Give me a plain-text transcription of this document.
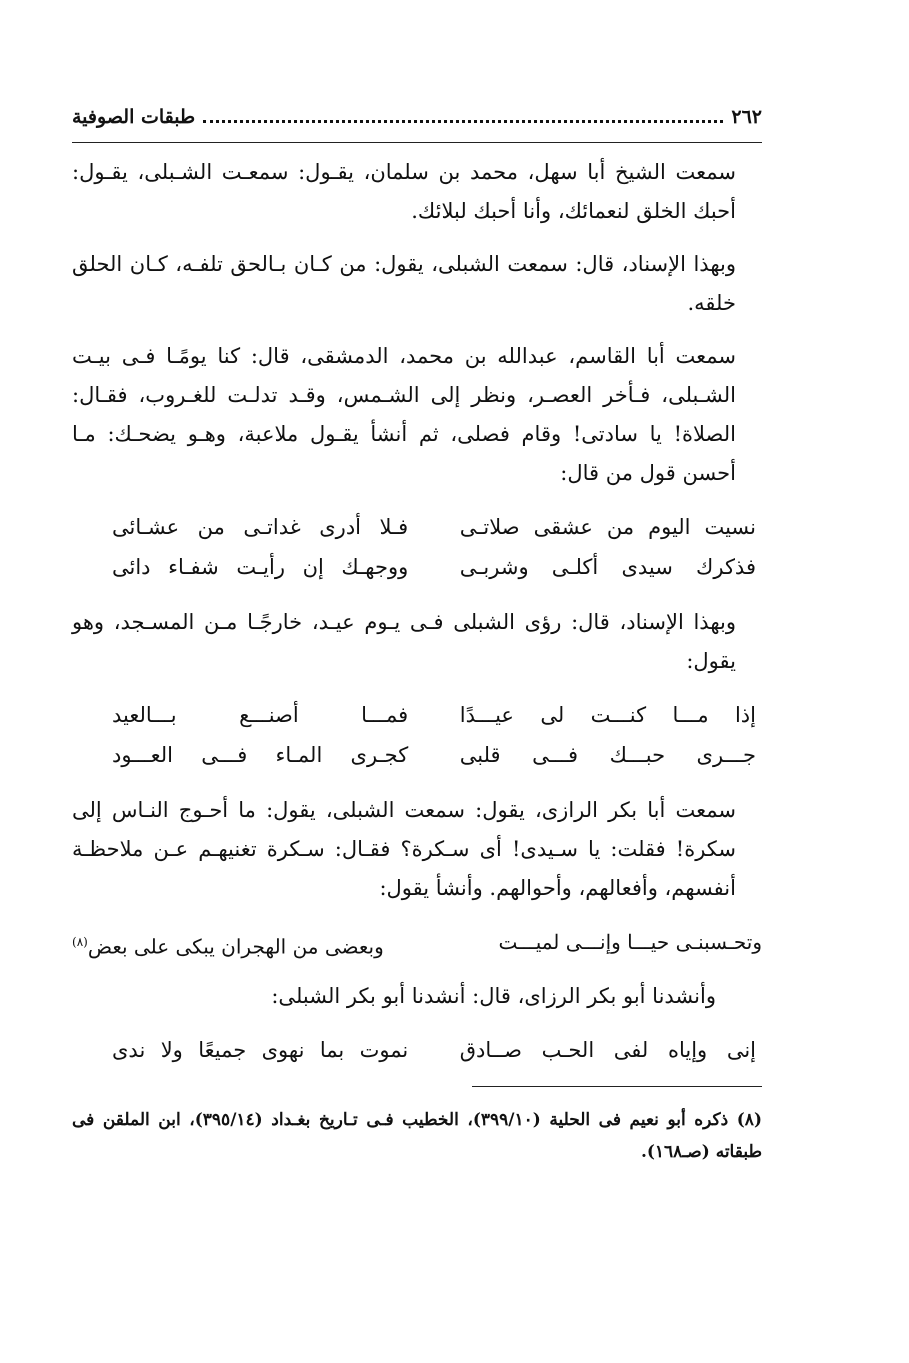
٢٦٢
طبقات الصوفية

سمعت الشيخ أبا سهل، محمد بن سلمان، يقـول: سمعـت الشـبلى، يقـول: أحبك الخلق لنعمائك، وأنا أحبك لبلائك.

وبهذا الإسناد، قال: سمعت الشبلى، يقول: من كـان بـالحق تلفـه، كـان الحلق خلقه.

سمعت أبا القاسم، عبدالله بن محمد، الدمشقى، قال: كنا يومًـا فـى بيـت الشـبلى، فـأخر العصـر، ونظر إلى الشـمس، وقـد تدلـت للغـروب، فقـال: الصلاة! يا سادتى! وقام فصلى، ثم أنشأ يقـول ملاعبة، وهـو يضحـك: مـا أحسن قول من قال:

نسيت اليوم من عشقى صلاتـى
فـلا أدرى غداتـى من عشـائى
فذكرك سيدى أكلـى وشربـى
ووجهـك إن رأيـت شفـاء دائى

وبهذا الإسناد، قال: رؤى الشبلى فـى يـوم عيـد، خارجًـا مـن المسـجد، وهو يقول:

إذا مـــا كنـــت لى عيـــدًا
فمـــا أصنـــع بـــالعيد
جـــرى حبـــك فـــى قلبى
كجـرى المـاء فـــى العـــود

سمعت أبا بكر الرازى، يقول: سمعت الشبلى، يقول: ما أحـوج النـاس إلى سكرة! فقلت: يا سـيدى! أى سـكرة؟ فقـال: سـكرة تغنيهـم عـن ملاحظـة أنفسهم، وأفعالهم، وأحوالهم. وأنشأ يقول:

وتحـسبنـى حيـــا وإنـــى لميـــت
وبعضى من الهجران يبكى على بعض$^{(٨)}$

وأنشدنا أبو بكر الرزاى، قال: أنشدنا أبو بكر الشبلى:

إنى وإياه لفى الحـب صــادق
نموت بما نهوى جميعًا ولا ندى

(٨) ذكره أبو نعيم فى الحلية (٣٩٩/١٠)، الخطيب فـى تـاريخ بغـداد (٣٩٥/١٤)، ابن الملقن فى طبقاته (صـ١٦٨).
